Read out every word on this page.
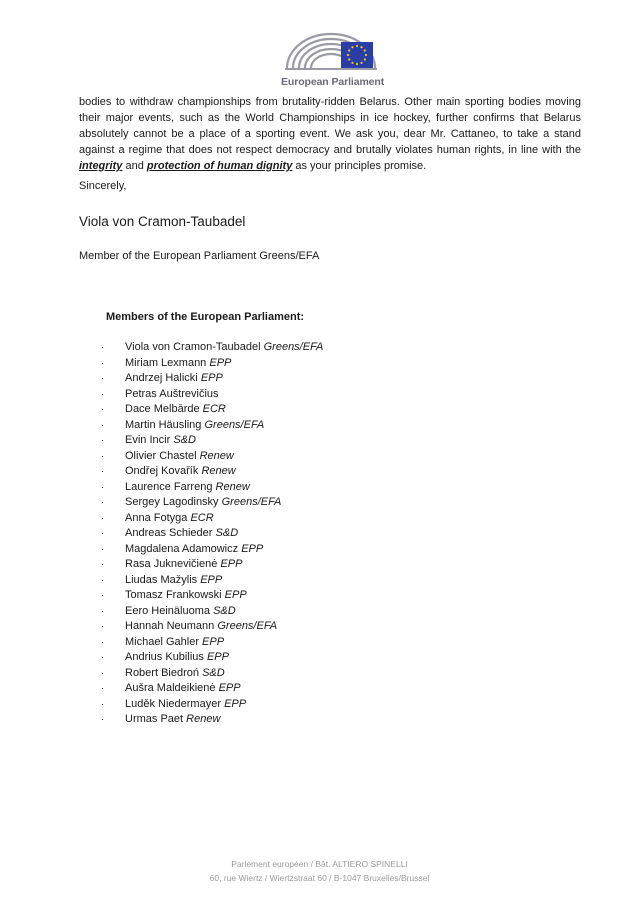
European Parliament
bodies to withdraw championships from brutality-ridden Belarus. Other main sporting bodies moving their major events, such as the World Championships in ice hockey, further confirms that Belarus absolutely cannot be a place of a sporting event. We ask you, dear Mr. Cattaneo, to take a stand against a regime that does not respect democracy and brutally violates human rights, in line with the integrity and protection of human dignity as your principles promise.
Sincerely,
Viola von Cramon-Taubadel
Member of the European Parliament Greens/EFA
Members of the European Parliament:
· Viola von Cramon-Taubadel Greens/EFA
· Miriam Lexmann EPP
· Andrzej Halicki EPP
· Petras Auštrevičius
· Dace Melbārde ECR
· Martin Häusling Greens/EFA
· Evin Incir S&D
· Olivier Chastel Renew
· Ondřej Kovařík Renew
· Laurence Farreng Renew
· Sergey Lagodinsky Greens/EFA
· Anna Fotyga ECR
· Andreas Schieder S&D
· Magdalena Adamowicz EPP
· Rasa Juknevičienė EPP
· Liudas Mažylis EPP
· Tomasz Frankowski EPP
· Eero Heinäluoma S&D
· Hannah Neumann Greens/EFA
· Michael Gahler EPP
· Andrius Kubilius EPP
· Robert Biedroń S&D
· Aušra Maldeikienė EPP
· Luděk Niedermayer EPP
· Urmas Paet Renew
Parlement européen / Bât. ALTIERO SPINELLI
60, rue Wiertz / Wiertzstraat 60 / B-1047 Bruxelles/Brussel
